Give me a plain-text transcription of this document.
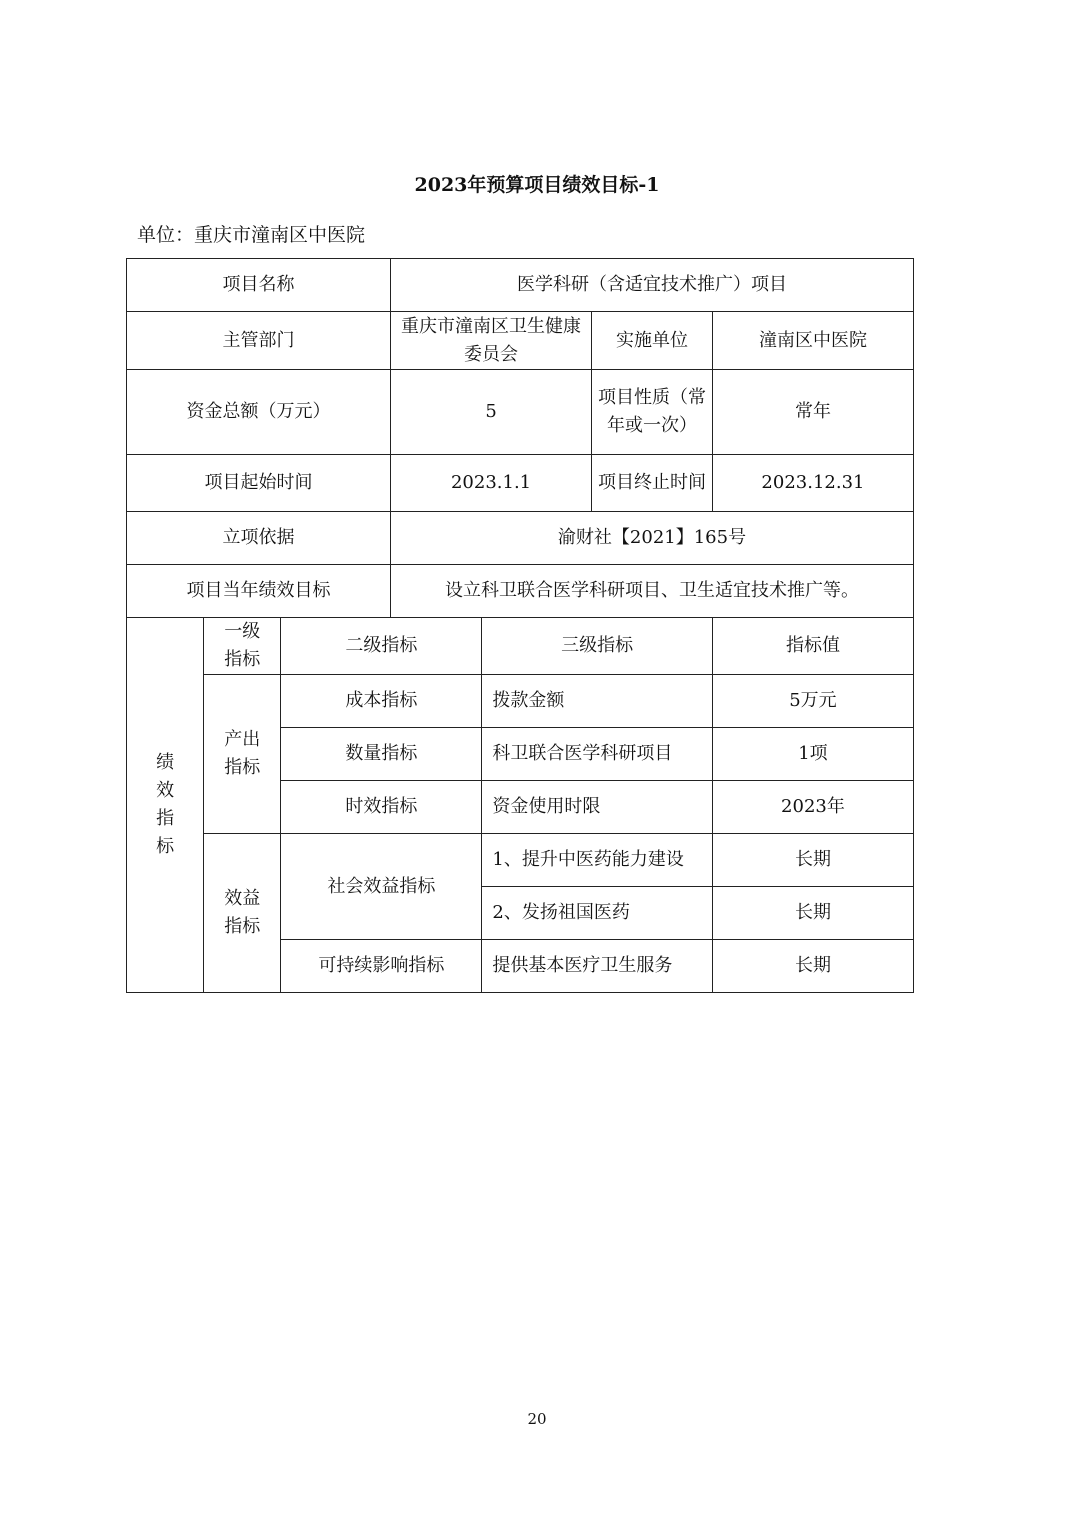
2023年预算项目绩效目标-1
单位：重庆市潼南区中医院
项目名称			医学科研（含适宜技术推广）项目			
主管部门			重庆市潼南区卫生健康委员会		实施单位	潼南区中医院
资金总额（万元）			5		项目性质（常年或一次）	常年
项目起始时间			2023.1.1		项目终止时间	2023.12.31
立项依据			渝财社【2021】165号			
项目当年绩效目标			设立科卫联合医学科研项目、卫生适宜技术推广等。			
绩效指标	一级指标	二级指标		三级指标		指标值
	产出指标	成本指标		拨款金额		5万元
		数量指标		科卫联合医学科研项目		1项
		时效指标		资金使用时限		2023年
	效益指标	社会效益指标		1、提升中医药能力建设		长期
				2、发扬祖国医药		长期
		可持续影响指标		提供基本医疗卫生服务		长期
20
